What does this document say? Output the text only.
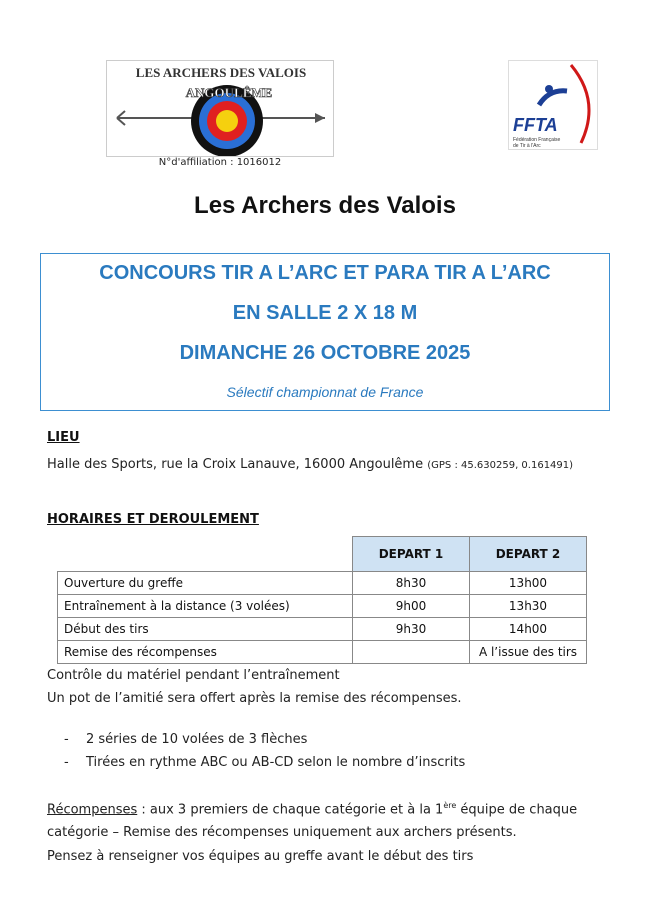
LES ARCHERS DES VALOIS
ANGOULÊME
FFTA
Fédération Française
de Tir à l'Arc
N°d'affiliation : 1016012
Les Archers des Valois
CONCOURS TIR A L’ARC ET PARA TIR A L’ARC
EN SALLE 2 X 18 M
DIMANCHE 26 OCTOBRE 2025
Sélectif championnat de France
LIEU
Halle des Sports, rue la Croix Lanauve, 16000 Angoulême (GPS : 45.630259, 0.161491)
HORAIRES ET DEROULEMENT
	DEPART 1	DEPART 2
Ouverture du greffe	8h30	13h00
Entraînement à la distance (3 volées)	9h00	13h30
Début des tirs	9h30	14h00
Remise des récompenses		A l’issue des tirs
Contrôle du matériel pendant l’entraînement
Un pot de l’amitié sera offert après la remise des récompenses.
- 2 séries de 10 volées de 3 flèches
- Tirées en rythme ABC ou AB-CD selon le nombre d’inscrits
Récompenses : aux 3 premiers de chaque catégorie et à la 1ère équipe de chaque
catégorie – Remise des récompenses uniquement aux archers présents.
Pensez à renseigner vos équipes au greffe avant le début des tirs
